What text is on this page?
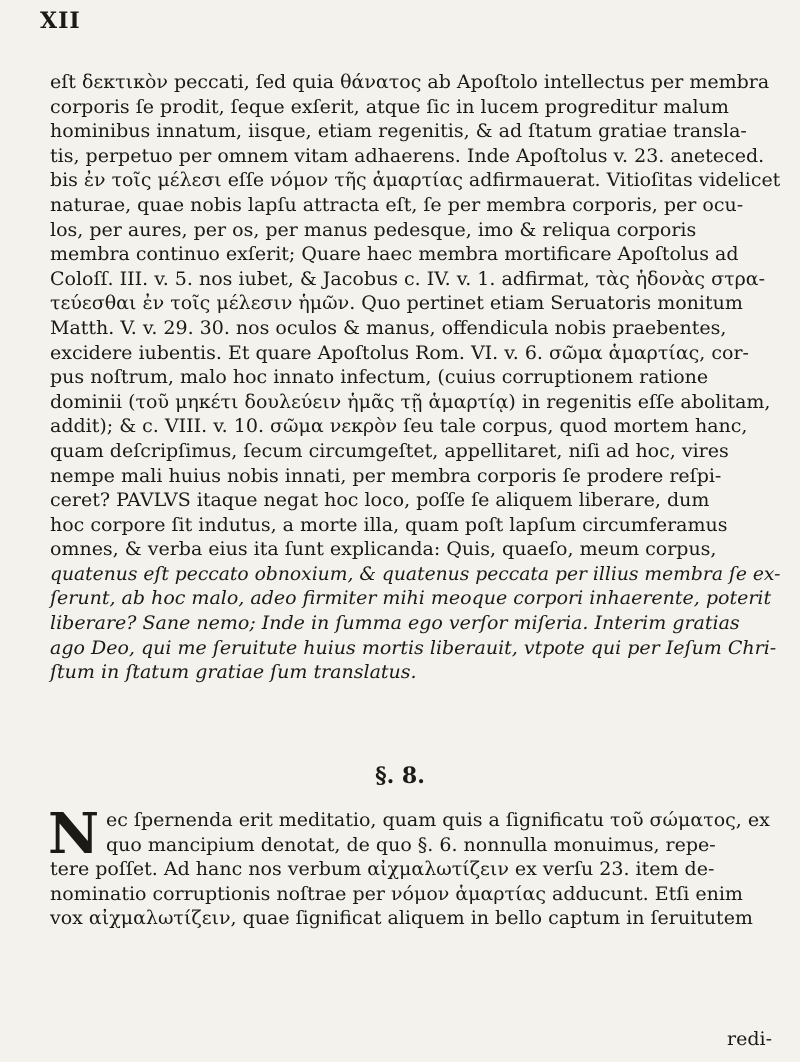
XII
eſt δεκτικὸν peccati, ſed quia θάνατος ab Apoſtolo intellectus per membra
corporis ſe prodit, ſeque exſerit, atque ſic in lucem progreditur malum
hominibus innatum, iisque, etiam regenitis, & ad ſtatum gratiae transla-
tis, perpetuo per omnem vitam adhaerens. Inde Apoſtolus v. 23. aneteced.
bis ἐν τοῖς μέλεσι eſſe νόμον τῆς ἁμαρτίας adfirmauerat. Vitioſitas videlicet
naturae, quae nobis lapſu attracta eſt, ſe per membra corporis, per ocu-
los, per aures, per os, per manus pedesque, imo & reliqua corporis
membra continuo exſerit; Quare haec membra mortificare Apoſtolus ad
Coloſſ. III. v. 5. nos iubet, & Jacobus c. IV. v. 1. adfirmat, τὰς ἡδονὰς στρα-
τεύεσθαι ἐν τοῖς μέλεσιν ἡμῶν. Quo pertinet etiam Seruatoris monitum
Matth. V. v. 29. 30. nos oculos & manus, offendicula nobis praebentes,
excidere iubentis. Et quare Apoſtolus Rom. VI. v. 6. σῶμα ἁμαρτίας, cor-
pus noſtrum, malo hoc innato infectum, (cuius corruptionem ratione
dominii (τοῦ μηκέτι δουλεύειν ἡμᾶς τῇ ἁμαρτίᾳ) in regenitis eſſe abolitam,
addit); & c. VIII. v. 10. σῶμα νεκρὸν ſeu tale corpus, quod mortem hanc,
quam deſcripſimus, ſecum circumgeſtet, appellitaret, niſi ad hoc, vires
nempe mali huius nobis innati, per membra corporis ſe prodere reſpi-
ceret? PAVLVS itaque negat hoc loco, poſſe ſe aliquem liberare, dum
hoc corpore ſit indutus, a morte illa, quam poſt lapſum circumferamus
omnes, & verba eius ita ſunt explicanda: Quis, quaeſo, meum corpus,
quatenus eſt peccato obnoxium, & quatenus peccata per illius membra ſe ex-
ſerunt, ab hoc malo, adeo firmiter mihi meoque corpori inhaerente, poterit
liberare? Sane nemo; Inde in ſumma ego verſor miſeria. Interim gratias
ago Deo, qui me ſeruitute huius mortis liberauit, vtpote qui per Ieſum Chri-
ſtum in ſtatum gratiae ſum translatus.
§. 8.
N ec ſpernenda erit meditatio, quam quis a ſignificatu τοῦ σώματος, ex
quo mancipium denotat, de quo §. 6. nonnulla monuimus, repe-
tere poſſet. Ad hanc nos verbum αἰχμαλωτίζειν ex verſu 23. item de-
nominatio corruptionis noſtrae per νόμον ἁμαρτίας adducunt. Etſi enim
vox αἰχμαλωτίζειν, quae ſignificat aliquem in bello captum in ſeruitutem
redi-
